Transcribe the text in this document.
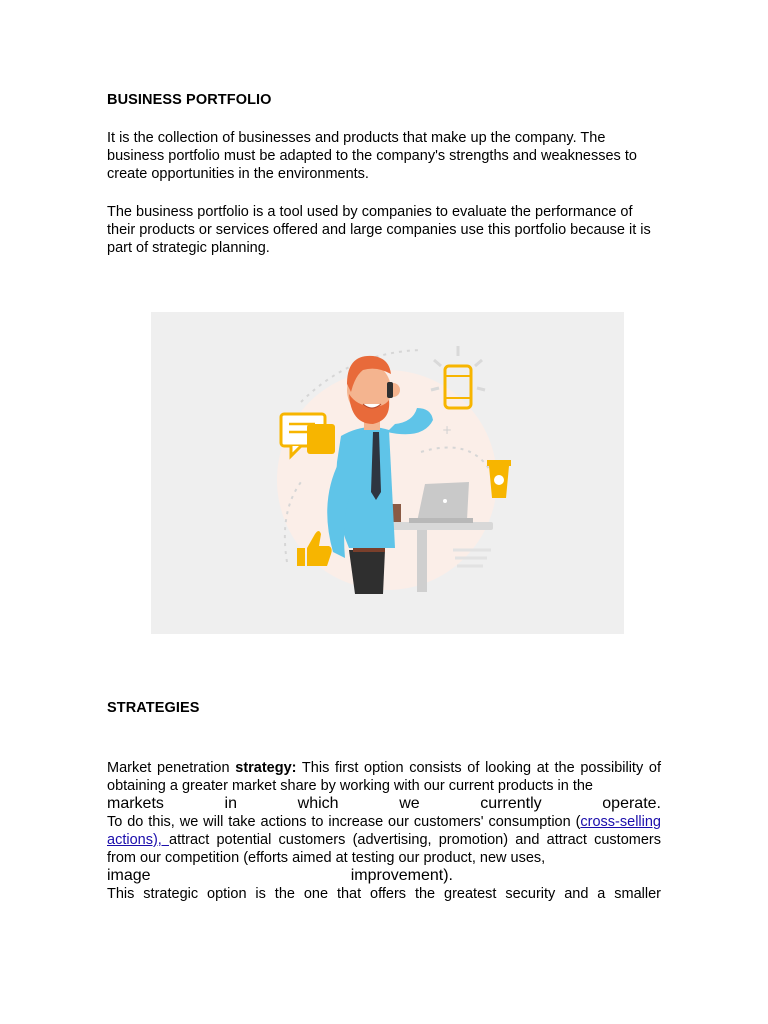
BUSINESS PORTFOLIO

It is the collection of businesses and products that make up the company. The business portfolio must be adapted to the company's strengths and weaknesses to create opportunities in the environments.

The business portfolio is a tool used by companies to evaluate the performance of their products or services offered and large companies use this portfolio because it is part of strategic planning.

+
STRATEGIES

Market penetration strategy: This first option consists of looking at the possibility of obtaining a greater market share by working with our current products in the

markets	in	which	we	currently	operate.

To do this, we will take actions to increase our customers' consumption (cross-selling actions), attract potential customers (advertising, promotion) and attract customers from our competition (efforts aimed at testing our product, new uses,

image	improvement).

This strategic option is the one that offers the greatest security and a smaller
